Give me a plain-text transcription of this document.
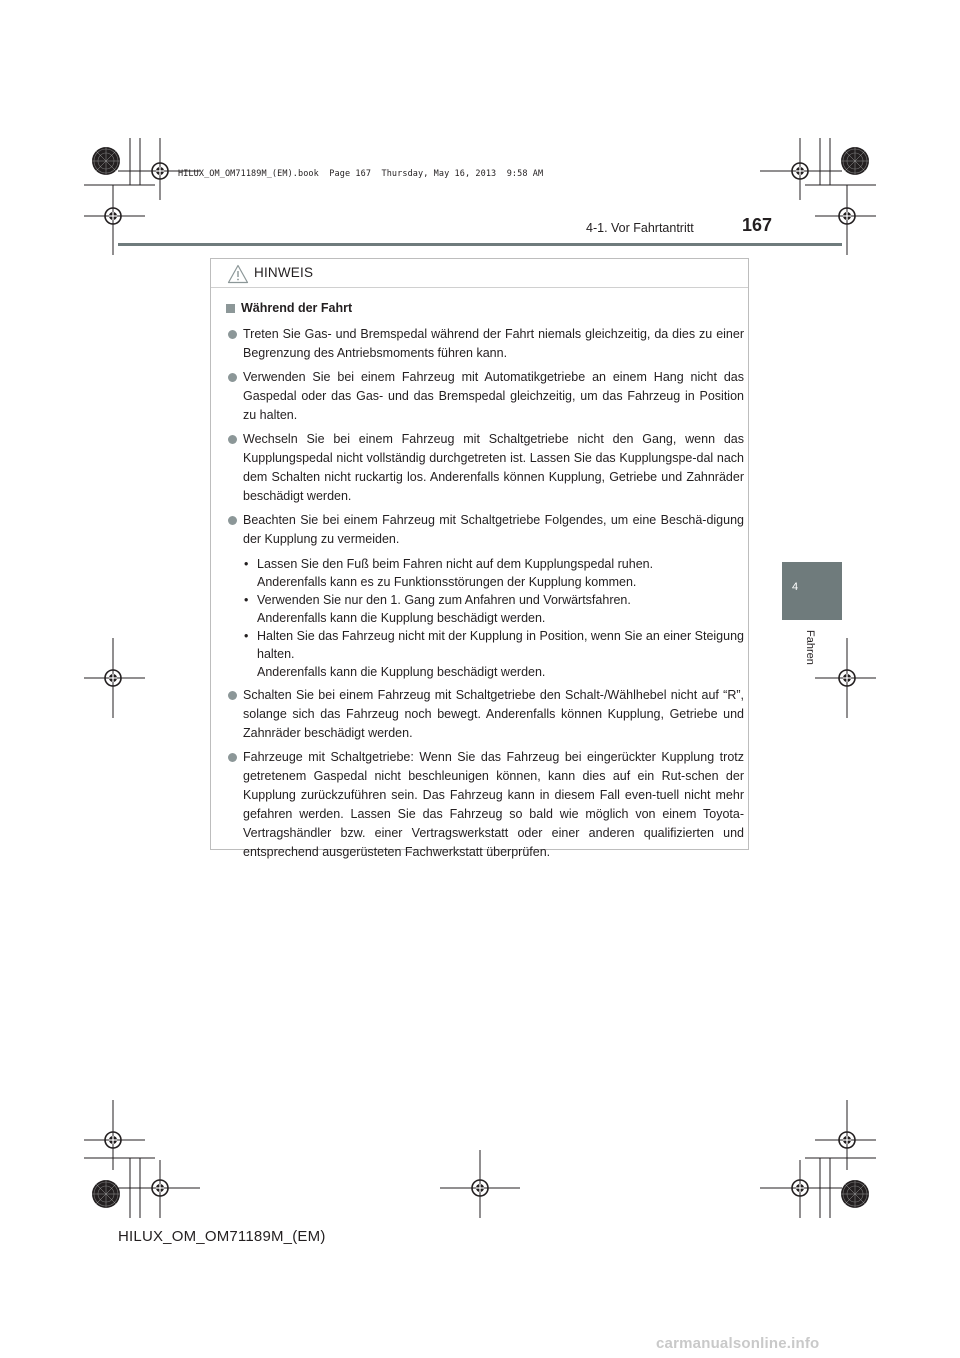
HILUX_OM_OM71189M_(EM).book  Page 167  Thursday, May 16, 2013  9:58 AM
4-1. Vor Fahrtantritt	167
4
Fahren
HINWEIS
Während der Fahrt

Treten Sie Gas- und Bremspedal während der Fahrt niemals gleichzeitig, da dies zu einer Begrenzung des Antriebsmoments führen kann.

Verwenden Sie bei einem Fahrzeug mit Automatikgetriebe an einem Hang nicht das Gaspedal oder das Gas- und das Bremspedal gleichzeitig, um das Fahrzeug in Position zu halten.

Wechseln Sie bei einem Fahrzeug mit Schaltgetriebe nicht den Gang, wenn das Kupplungspedal nicht vollständig durchgetreten ist. Lassen Sie das Kupplungspe-dal nach dem Schalten nicht ruckartig los. Anderenfalls können Kupplung, Getriebe und Zahnräder beschädigt werden.

Beachten Sie bei einem Fahrzeug mit Schaltgetriebe Folgendes, um eine Beschä-digung der Kupplung zu vermeiden.

• Lassen Sie den Fuß beim Fahren nicht auf dem Kupplungspedal ruhen.
Anderenfalls kann es zu Funktionsstörungen der Kupplung kommen.
• Verwenden Sie nur den 1. Gang zum Anfahren und Vorwärtsfahren.
Anderenfalls kann die Kupplung beschädigt werden.
• Halten Sie das Fahrzeug nicht mit der Kupplung in Position, wenn Sie an einer Steigung halten.
Anderenfalls kann die Kupplung beschädigt werden.

Schalten Sie bei einem Fahrzeug mit Schaltgetriebe den Schalt-/Wählhebel nicht auf “R”, solange sich das Fahrzeug noch bewegt. Anderenfalls können Kupplung, Getriebe und Zahnräder beschädigt werden.

Fahrzeuge mit Schaltgetriebe: Wenn Sie das Fahrzeug bei eingerückter Kupplung trotz getretenem Gaspedal nicht beschleunigen können, kann dies auf ein Rut-schen der Kupplung zurückzuführen sein. Das Fahrzeug kann in diesem Fall even-tuell nicht mehr gefahren werden. Lassen Sie das Fahrzeug so bald wie möglich von einem Toyota-Vertragshändler bzw. einer Vertragswerkstatt oder einer anderen qualifizierten und entsprechend ausgerüsteten Fachwerkstatt überprüfen.

HILUX_OM_OM71189M_(EM)
carmanualsonline.info
